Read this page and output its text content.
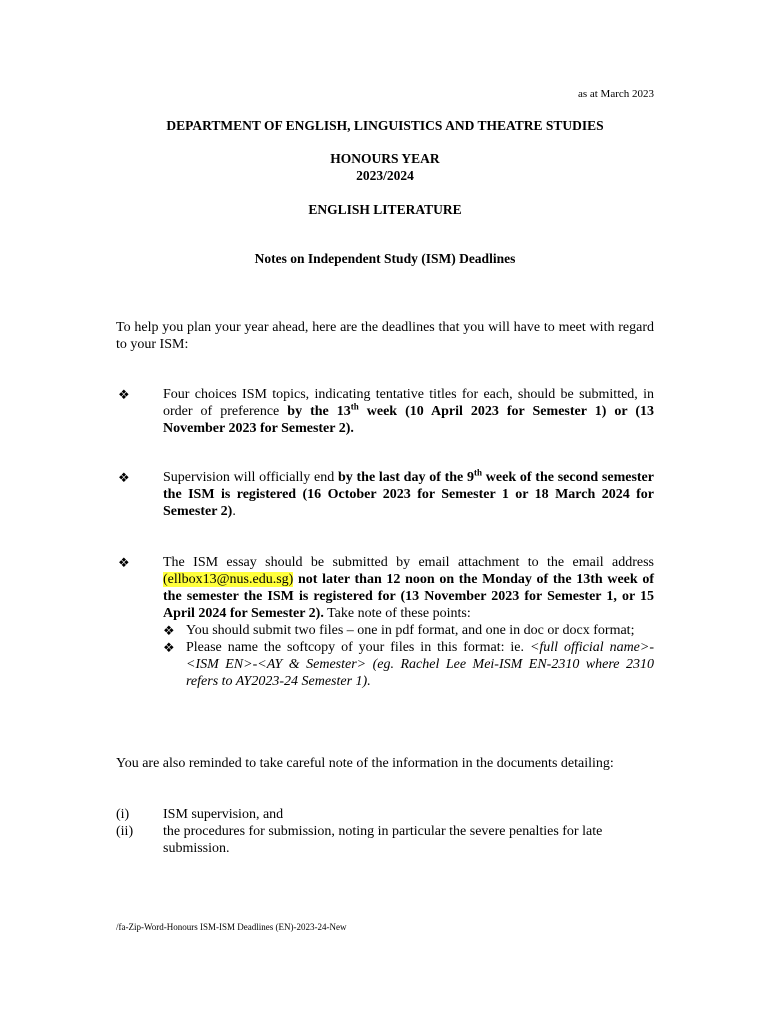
as at March 2023
DEPARTMENT OF ENGLISH, LINGUISTICS AND THEATRE STUDIES
HONOURS YEAR
2023/2024
ENGLISH LITERATURE
Notes on Independent Study (ISM) Deadlines
To help you plan your year ahead, here are the deadlines that you will have to meet with regard to your ISM:
❖ Four choices ISM topics, indicating tentative titles for each, should be submitted, in order of preference by the 13th week (10 April 2023 for Semester 1) or (13 November 2023 for Semester 2).
❖ Supervision will officially end by the last day of the 9th week of the second semester the ISM is registered (16 October 2023 for Semester 1 or 18 March 2024 for Semester 2).
❖ The ISM essay should be submitted by email attachment to the email address (ellbox13@nus.edu.sg) not later than 12 noon on the Monday of the 13th week of the semester the ISM is registered for (13 November 2023 for Semester 1, or 15 April 2024 for Semester 2). Take note of these points:
❖ You should submit two files – one in pdf format, and one in doc or docx format;
❖ Please name the softcopy of your files in this format: ie. <full official name>-<ISM EN>-<AY & Semester> (eg. Rachel Lee Mei-ISM EN-2310 where 2310 refers to AY2023-24 Semester 1).
You are also reminded to take careful note of the information in the documents detailing:
(i) ISM supervision, and
(ii) the procedures for submission, noting in particular the severe penalties for late submission.
/fa-Zip-Word-Honours ISM-ISM Deadlines (EN)-2023-24-New
